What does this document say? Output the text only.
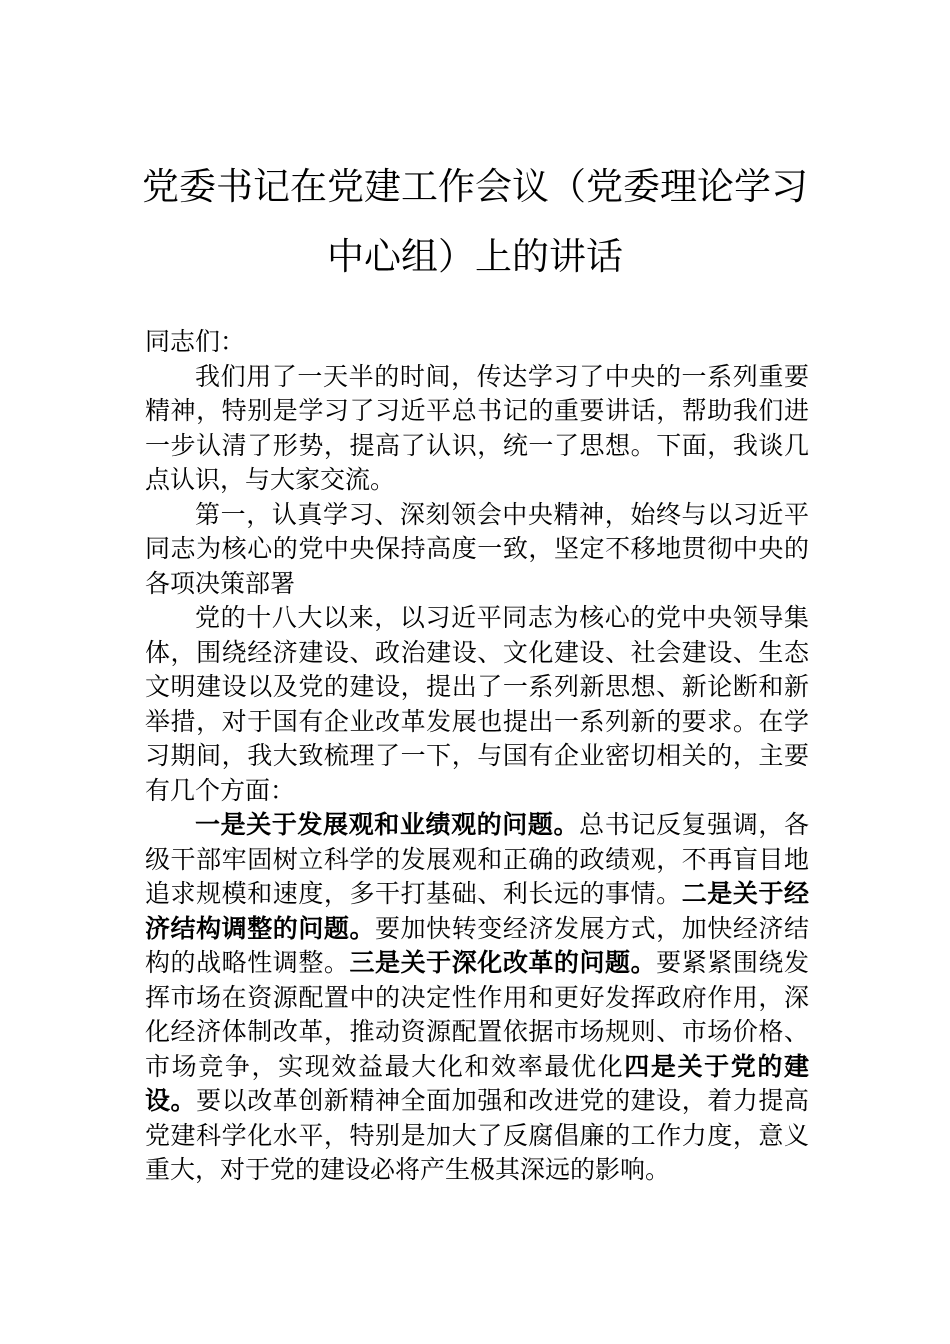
党委书记在党建工作会议（党委理论学习
中心组）上的讲话

同志们：

我们用了一天半的时间，传达学习了中央的一系列重要精神，特别是学习了习近平总书记的重要讲话，帮助我们进一步认清了形势，提高了认识，统一了思想。下面，我谈几点认识，与大家交流。

第一，认真学习、深刻领会中央精神，始终与以习近平同志为核心的党中央保持高度一致，坚定不移地贯彻中央的各项决策部署

党的十八大以来，以习近平同志为核心的党中央领导集体，围绕经济建设、政治建设、文化建设、社会建设、生态文明建设以及党的建设，提出了一系列新思想、新论断和新举措，对于国有企业改革发展也提出一系列新的要求。在学习期间，我大致梳理了一下，与国有企业密切相关的，主要有几个方面：

一是关于发展观和业绩观的问题。总书记反复强调，各级干部牢固树立科学的发展观和正确的政绩观，不再盲目地追求规模和速度，多干打基础、利长远的事情。二是关于经济结构调整的问题。要加快转变经济发展方式，加快经济结构的战略性调整。三是关于深化改革的问题。要紧紧围绕发挥市场在资源配置中的决定性作用和更好发挥政府作用，深化经济体制改革，推动资源配置依据市场规则、市场价格、市场竞争，实现效益最大化和效率最优化四是关于党的建设。要以改革创新精神全面加强和改进党的建设，着力提高党建科学化水平，特别是加大了反腐倡廉的工作力度，意义重大，对于党的建设必将产生极其深远的影响。
